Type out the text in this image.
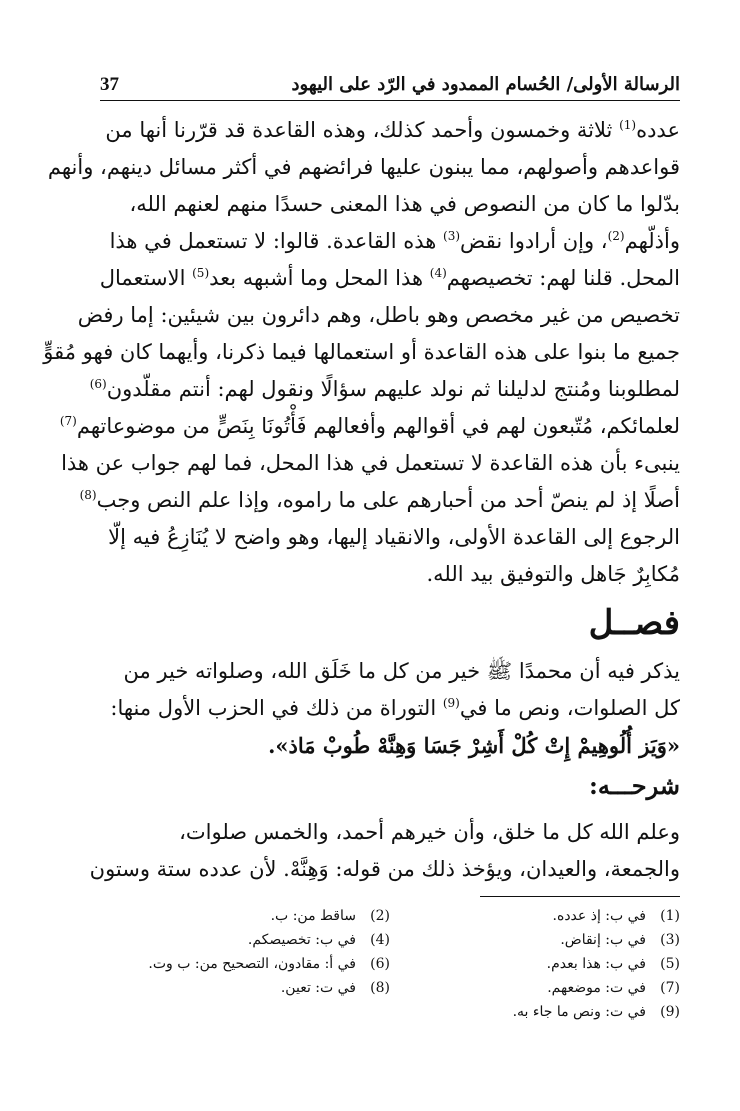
الرسالة الأولى/ الحُسام الممدود في الرّد على اليهود
37
عدده$^{(1)}$ ثلاثة وخمسون وأحمد كذلك، وهذه القاعدة قد قرّرنا أنها من
قواعدهم وأصولهم، مما يبنون عليها فرائضهم في أكثر مسائل دينهم، وأنهم
بدّلوا ما كان من النصوص في هذا المعنى حسدًا منهم لعنهم الله،
وأذلّهم$^{(2)}$، وإن أرادوا نقض$^{(3)}$ هذه القاعدة. قالوا: لا تستعمل في هذا
المحل. قلنا لهم: تخصيصهم$^{(4)}$ هذا المحل وما أشبهه بعد$^{(5)}$ الاستعمال
تخصيص من غير مخصص وهو باطل، وهم دائرون بين شيئين: إما رفض
جميع ما بنوا على هذه القاعدة أو استعمالها فيما ذكرنا، وأيهما كان فهو مُقوٍّ
لمطلوبنا ومُنتج لدليلنا ثم نولد عليهم سؤالًا ونقول لهم: أنتم مقلّدون$^{(6)}$
لعلمائكم، مُتّبعون لهم في أقوالهم وأفعالهم فَأْتُونَا بِنَصٍّ من موضوعاتهم$^{(7)}$
ينبىء بأن هذه القاعدة لا تستعمل في هذا المحل، فما لهم جواب عن هذا
أصلًا إذ لم ينصّ أحد من أحبارهم على ما راموه، وإذا علم النص وجب$^{(8)}$
الرجوع إلى القاعدة الأولى، والانقياد إليها، وهو واضح لا يُنَازِعُ فيه إلّا
مُكابِرٌ جَاهل والتوفيق بيد الله.
فصــل
يذكر فيه أن محمدًا ﷺ خير من كل ما خَلَق الله، وصلواته خير من
كل الصلوات، ونص ما في$^{(9)}$ التوراة من ذلك في الحزب الأول منها:
«وَيَز أُلُوهِيمْ إِتْ كُلْ أَشِرْ جَسَا وَهِنَّهْ طُوبْ مَاذ».
شرحـــه:
وعلم الله كل ما خلق، وأن خيرهم أحمد، والخمس صلوات،
والجمعة، والعيدان، ويؤخذ ذلك من قوله: وَهِنَّهْ. لأن عدده ستة وستون
(1)في ب: إذ عدده.
(3)في ب: إنقاض.
(5)في ب: هذا بعدم.
(7)في ت: موضعهم.
(9)في ت: ونص ما جاء به.
(2)ساقط من: ب.
(4)في ب: تخصيصكم.
(6)في أ: مقادون، التصحيح من: ب وت.
(8)في ت: تعين.
